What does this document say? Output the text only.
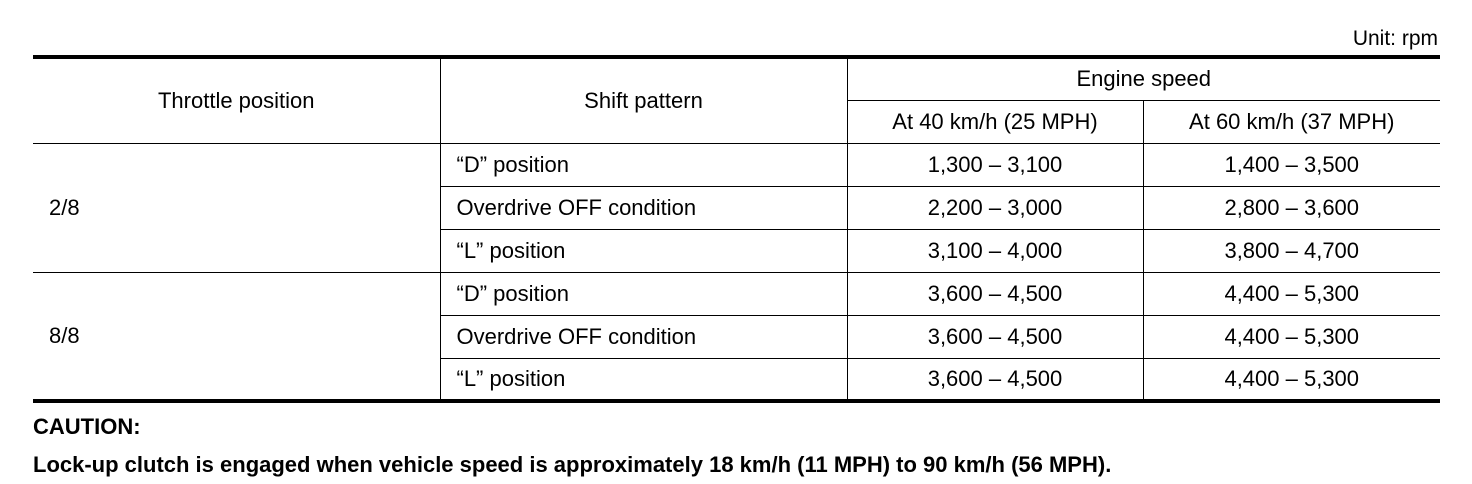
Unit: rpm
Throttle position	Shift pattern	Engine speed	
		At 40 km/h (25 MPH)	At 60 km/h (37 MPH)
2/8	“D” position	1,300 – 3,100	1,400 – 3,500
	Overdrive OFF condition	2,200 – 3,000	2,800 – 3,600
	“L” position	3,100 – 4,000	3,800 – 4,700
8/8	“D” position	3,600 – 4,500	4,400 – 5,300
	Overdrive OFF condition	3,600 – 4,500	4,400 – 5,300
	“L” position	3,600 – 4,500	4,400 – 5,300
CAUTION:
Lock-up clutch is engaged when vehicle speed is approximately 18 km/h (11 MPH) to 90 km/h (56 MPH).
